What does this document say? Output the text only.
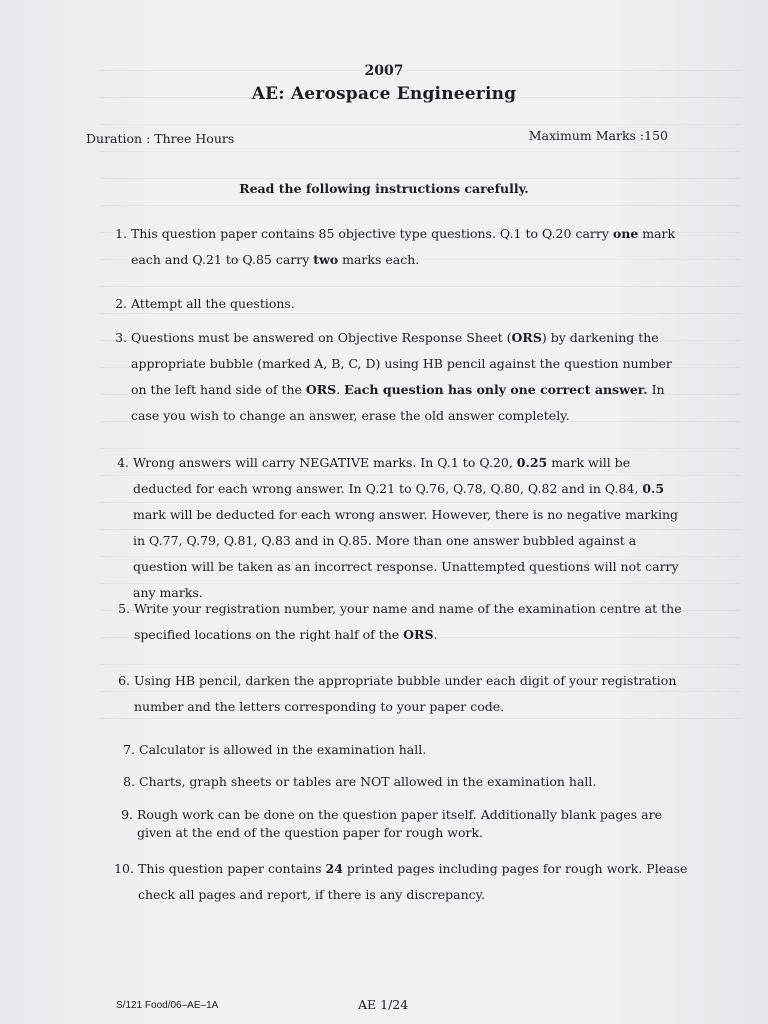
2007
AE: Aerospace Engineering
Duration : Three Hours	Maximum Marks :150
Read the following instructions carefully.
1. This question paper contains 85 objective type questions. Q.1 to Q.20 carry one mark each and Q.21 to Q.85 carry two marks each.
2. Attempt all the questions.
3. Questions must be answered on Objective Response Sheet (ORS) by darkening the appropriate bubble (marked A, B, C, D) using HB pencil against the question number on the left hand side of the ORS. Each question has only one correct answer. In case you wish to change an answer, erase the old answer completely.
4. Wrong answers will carry NEGATIVE marks. In Q.1 to Q.20, 0.25 mark will be deducted for each wrong answer. In Q.21 to Q.76, Q.78, Q.80, Q.82 and in Q.84, 0.5 mark will be deducted for each wrong answer. However, there is no negative marking in Q.77, Q.79, Q.81, Q.83 and in Q.85. More than one answer bubbled against a question will be taken as an incorrect response. Unattempted questions will not carry any marks.
5. Write your registration number, your name and name of the examination centre at the specified locations on the right half of the ORS.
6. Using HB pencil, darken the appropriate bubble under each digit of your registration number and the letters corresponding to your paper code.
7. Calculator is allowed in the examination hall.
8. Charts, graph sheets or tables are NOT allowed in the examination hall.
9. Rough work can be done on the question paper itself. Additionally blank pages are given at the end of the question paper for rough work.
10. This question paper contains 24 printed pages including pages for rough work. Please check all pages and report, if there is any discrepancy.
S/121 Food/06–AE–1A	AE 1/24
